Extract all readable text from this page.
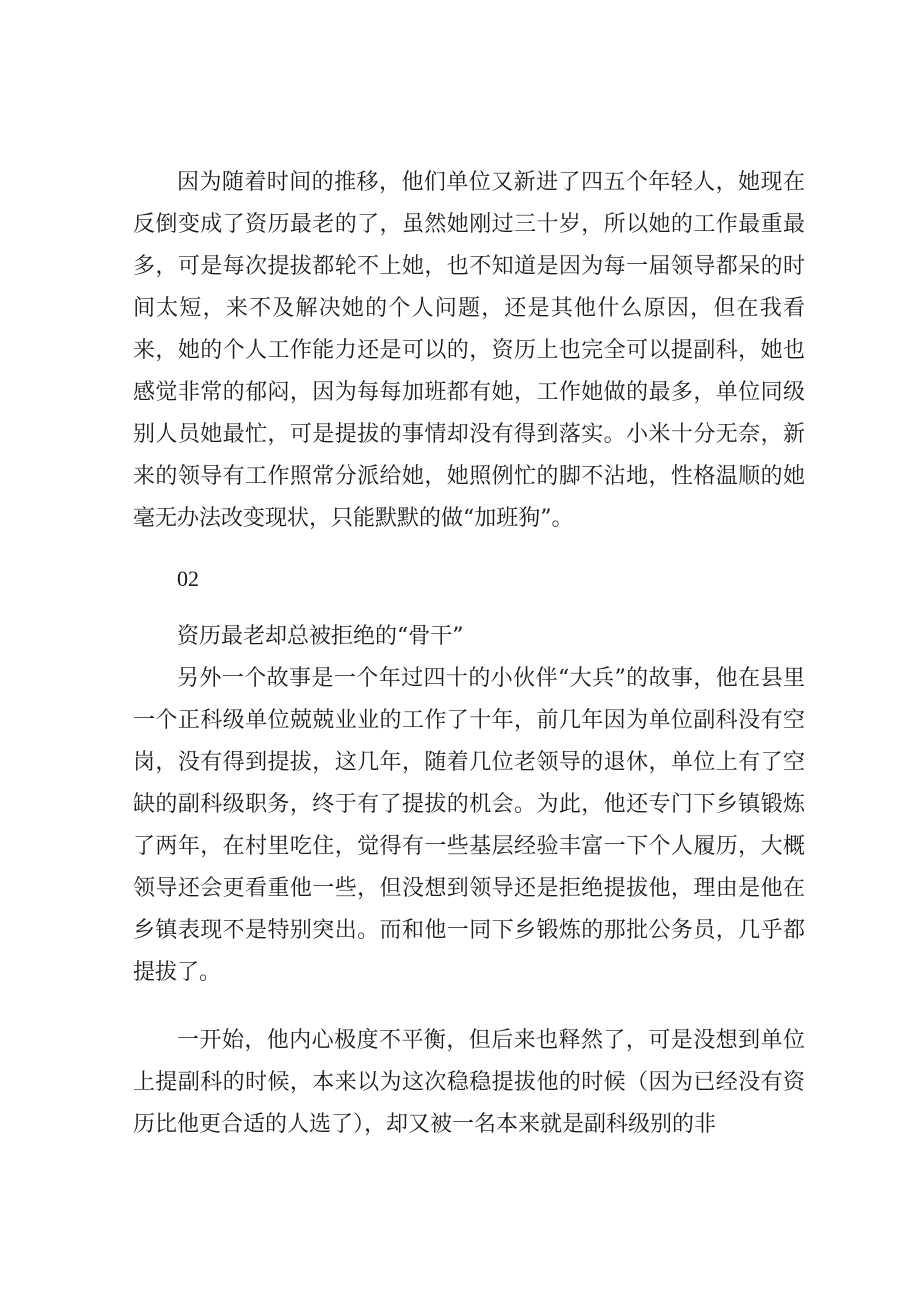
因为随着时间的推移，他们单位又新进了四五个年轻人，她现在反倒变成了资历最老的了，虽然她刚过三十岁，所以她的工作最重最多，可是每次提拔都轮不上她，也不知道是因为每一届领导都呆的时间太短，来不及解决她的个人问题，还是其他什么原因，但在我看来，她的个人工作能力还是可以的，资历上也完全可以提副科，她也感觉非常的郁闷，因为每每加班都有她，工作她做的最多，单位同级别人员她最忙，可是提拔的事情却没有得到落实。小米十分无奈，新来的领导有工作照常分派给她，她照例忙的脚不沾地，性格温顺的她毫无办法改变现状，只能默默的做“加班狗”。

02

资历最老却总被拒绝的“骨干”

另外一个故事是一个年过四十的小伙伴“大兵”的故事，他在县里一个正科级单位兢兢业业的工作了十年，前几年因为单位副科没有空岗，没有得到提拔，这几年，随着几位老领导的退休，单位上有了空缺的副科级职务，终于有了提拔的机会。为此，他还专门下乡镇锻炼了两年，在村里吃住，觉得有一些基层经验丰富一下个人履历，大概领导还会更看重他一些，但没想到领导还是拒绝提拔他，理由是他在乡镇表现不是特别突出。而和他一同下乡锻炼的那批公务员，几乎都提拔了。

一开始，他内心极度不平衡，但后来也释然了，可是没想到单位上提副科的时候，本来以为这次稳稳提拔他的时候（因为已经没有资历比他更合适的人选了），却又被一名本来就是副科级别的非
